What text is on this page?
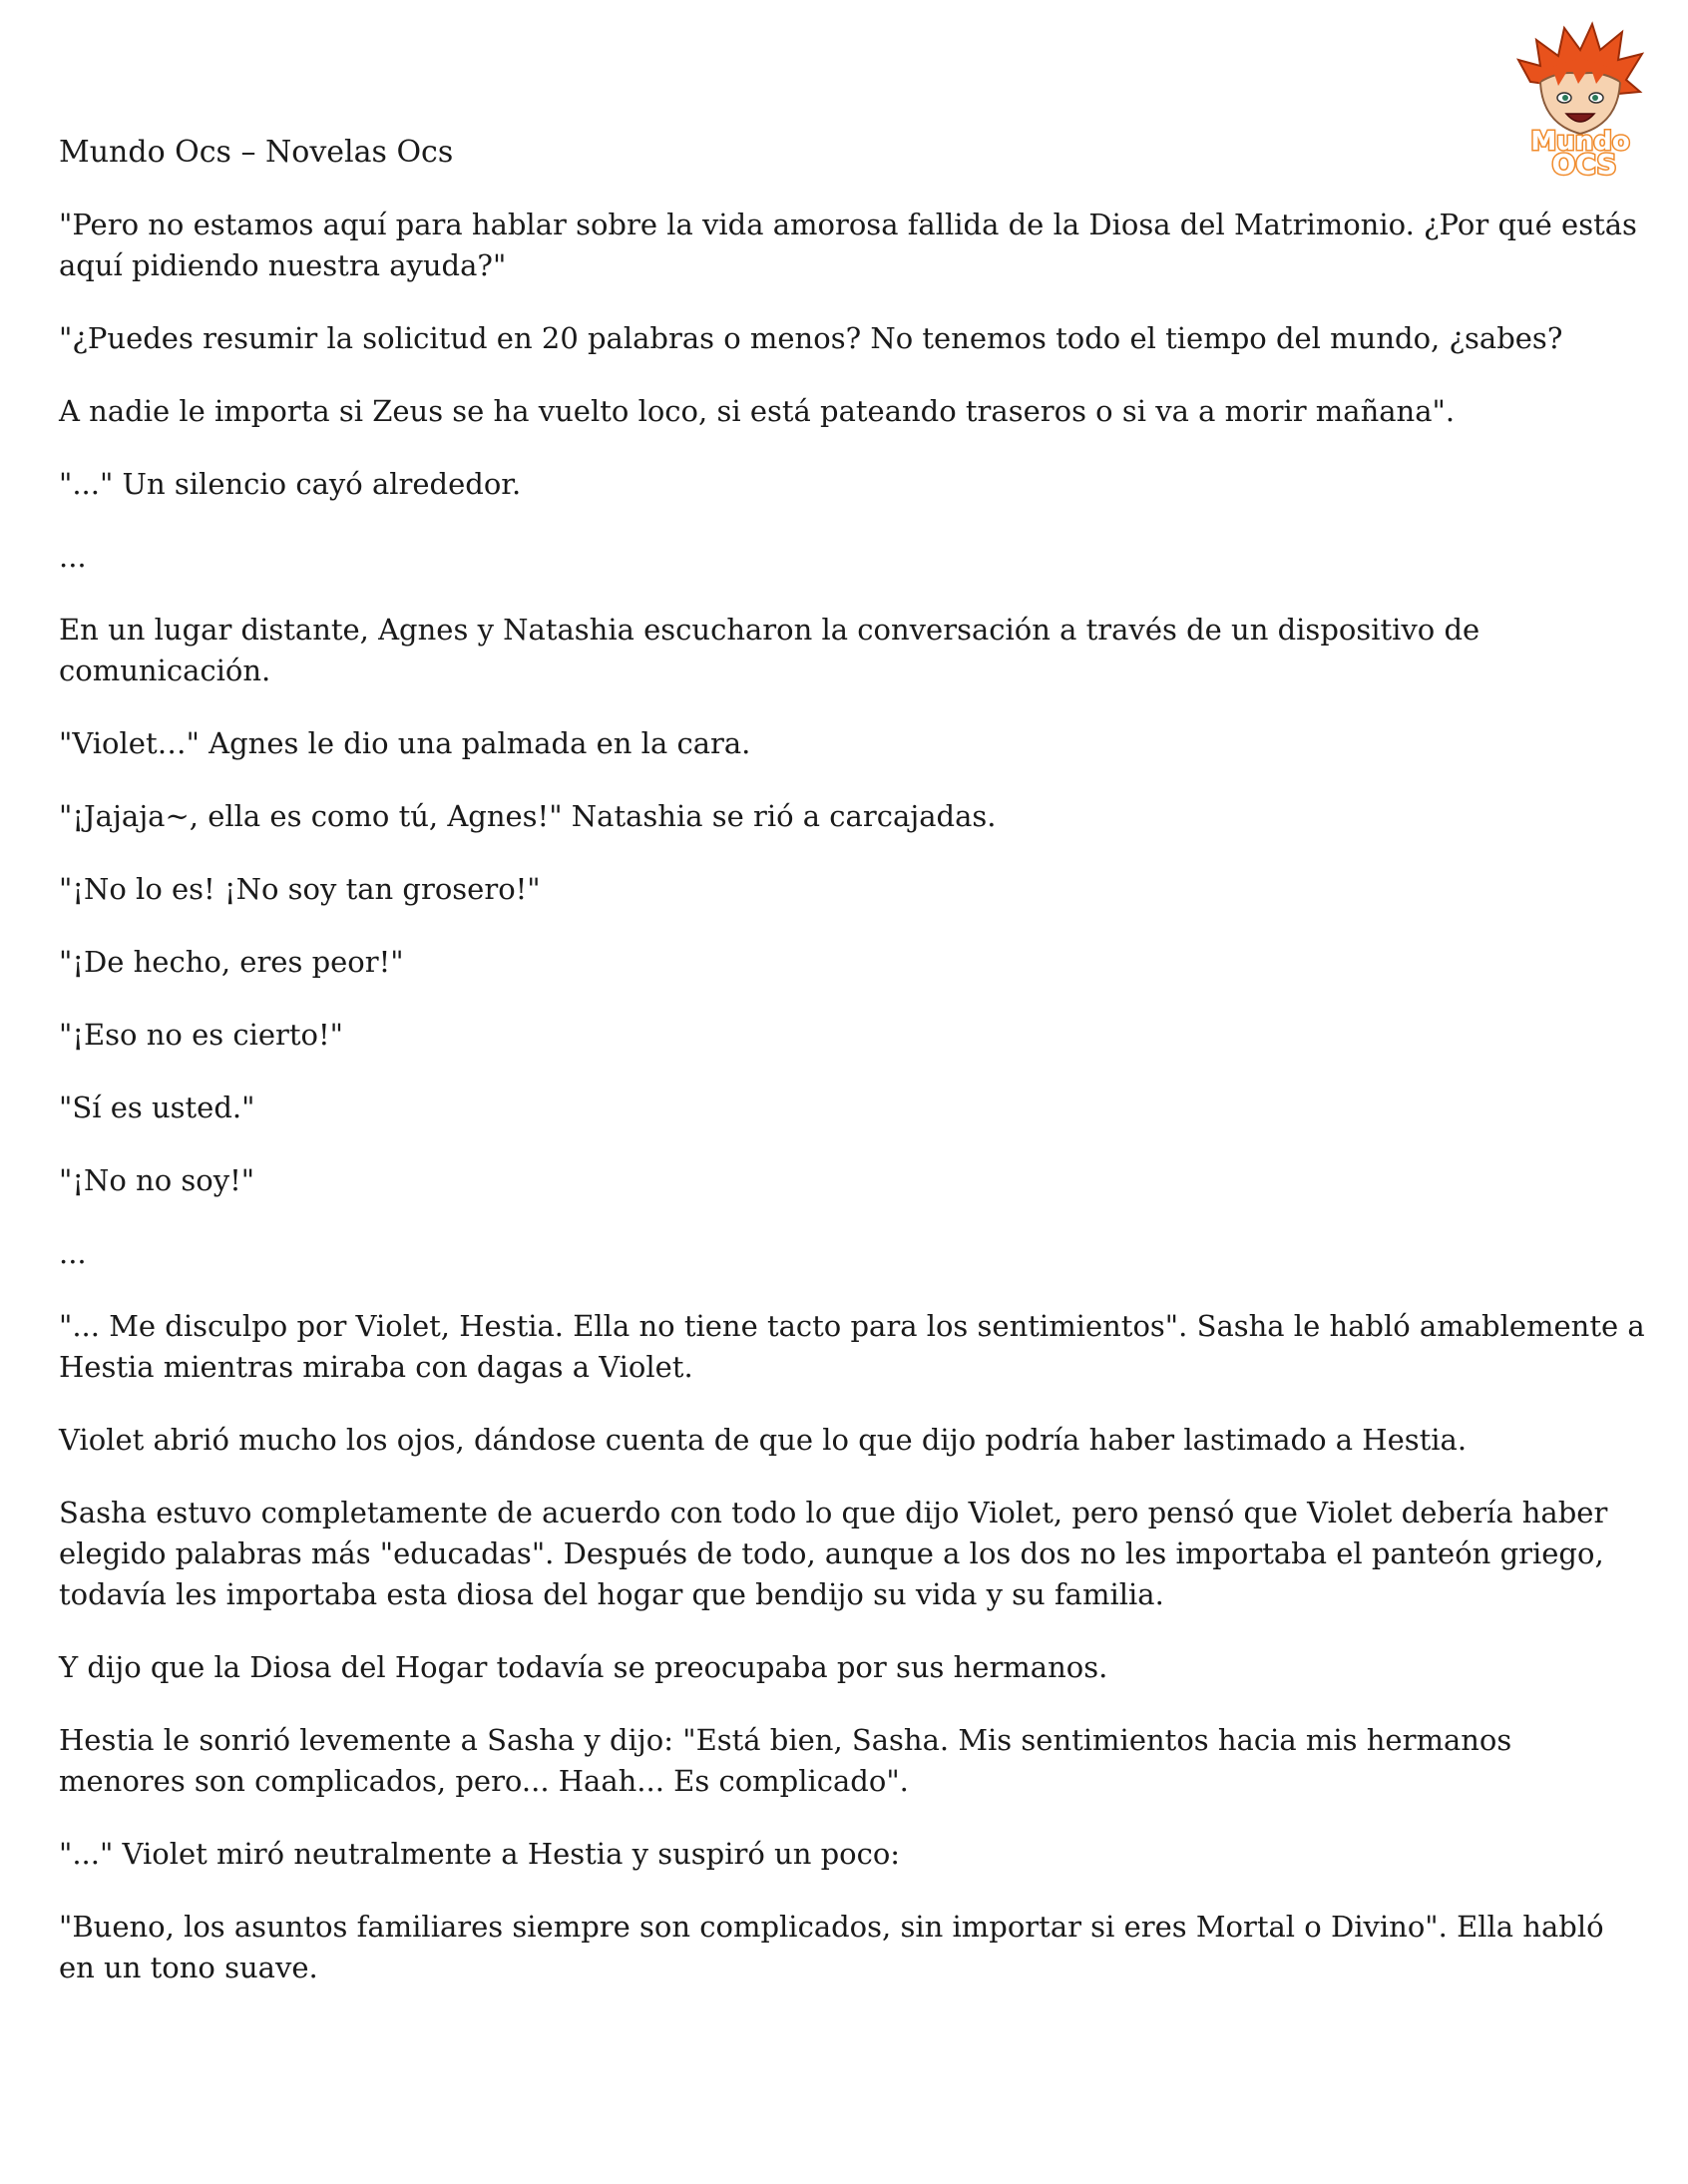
Mundo
OCS
Mundo Ocs – Novelas Ocs

"Pero no estamos aquí para hablar sobre la vida amorosa fallida de la Diosa del Matrimonio. ¿Por qué estás aquí pidiendo nuestra ayuda?"

"¿Puedes resumir la solicitud en 20 palabras o menos? No tenemos todo el tiempo del mundo, ¿sabes?

A nadie le importa si Zeus se ha vuelto loco, si está pateando traseros o si va a morir mañana".

"..." Un silencio cayó alrededor.

...

En un lugar distante, Agnes y Natashia escucharon la conversación a través de un dispositivo de comunicación.

"Violet…" Agnes le dio una palmada en la cara.

"¡Jajaja~, ella es como tú, Agnes!" Natashia se rió a carcajadas.

"¡No lo es! ¡No soy tan grosero!"

"¡De hecho, eres peor!"

"¡Eso no es cierto!"

"Sí es usted."

"¡No no soy!"

...

"... Me disculpo por Violet, Hestia. Ella no tiene tacto para los sentimientos". Sasha le habló amablemente a Hestia mientras miraba con dagas a Violet.

Violet abrió mucho los ojos, dándose cuenta de que lo que dijo podría haber lastimado a Hestia.

Sasha estuvo completamente de acuerdo con todo lo que dijo Violet, pero pensó que Violet debería haber elegido palabras más "educadas". Después de todo, aunque a los dos no les importaba el panteón griego, todavía les importaba esta diosa del hogar que bendijo su vida y su familia.

Y dijo que la Diosa del Hogar todavía se preocupaba por sus hermanos.

Hestia le sonrió levemente a Sasha y dijo: "Está bien, Sasha. Mis sentimientos hacia mis hermanos menores son complicados, pero... Haah... Es complicado".

"..." Violet miró neutralmente a Hestia y suspiró un poco:

"Bueno, los asuntos familiares siempre son complicados, sin importar si eres Mortal o Divino". Ella habló en un tono suave.
